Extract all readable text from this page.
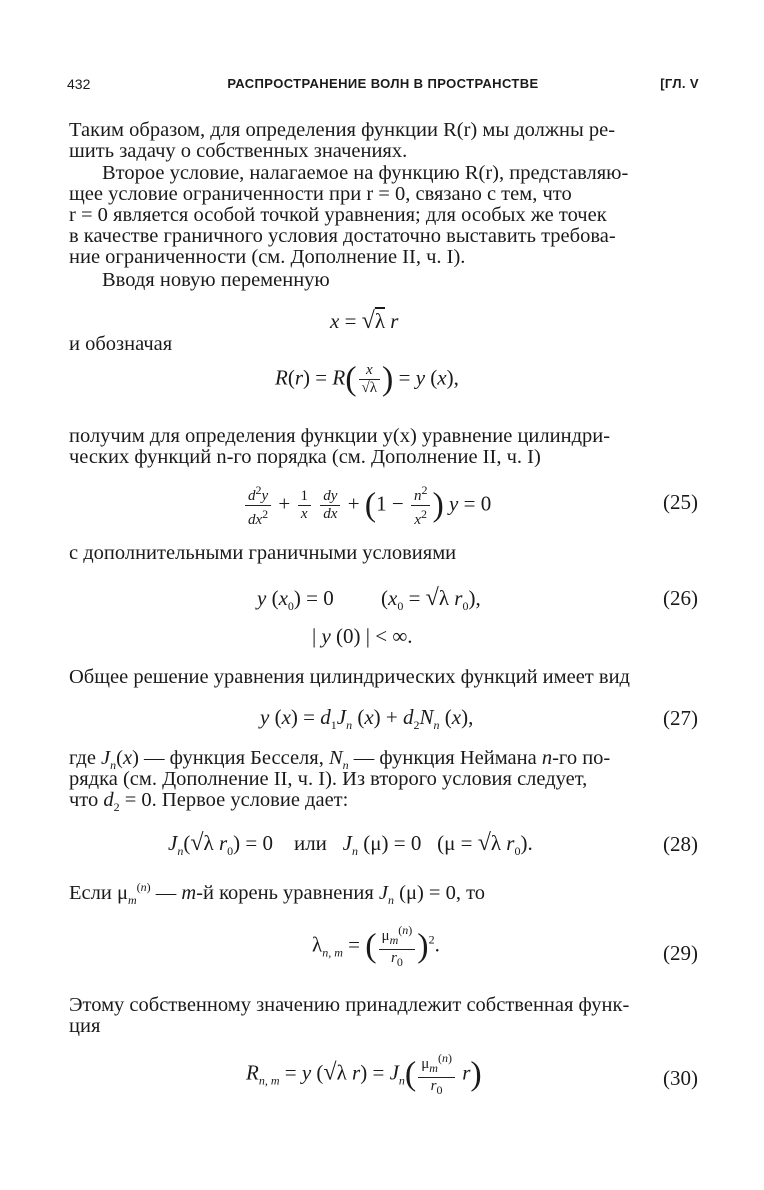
432	РАСПРОСТРАНЕНИЕ ВОЛН В ПРОСТРАНСТВЕ	[ГЛ. V
Таким образом, для определения функции R(r) мы должны ре-
шить задачу о собственных значениях.
Второе условие, налагаемое на функцию R(r), представляю-
щее условие ограниченности при r = 0, связано с тем, что
r = 0 является особой точкой уравнения; для особых же точек
в качестве граничного условия достаточно выставить требова-
ние ограниченности (см. Дополнение II, ч. I).
Вводя новую переменную
x = √λ r
и обозначая
$R(r) = R( \frac{x}{√\lambda}$ ) = y (x),
получим для определения функции y(x) уравнение цилиндри-
ческих функций n-го порядка (см. Дополнение II, ч. I)
$\frac{d^2y}{dx^2} + \frac{1}{x}$
$\frac{dy}{dx} + (1 - \frac{n^2}{x^2}$ ) y = 0	(25)
с дополнительными граничными условиями
y $(x_0) = 0$         ($x_0 = √\lambda$ $r_0$),	(26)
| y (0) | < ∞.
Общее решение уравнения цилиндрических функций имеет вид
y $(x) = d_1J_n$ $(x) + d_2N_n$ (x),	(27)
где $J_n(x)$ — функция Бесселя, $N_n$ — функция Неймана n-го по-
рядка (см. Дополнение II, ч. I). Из второго условия следует,
что $d_2 = 0$. Первое условие дает:
$J_n(√\lambda$ $r_0) = 0$    или   $J_n$ (μ) = 0   (μ = √λ $r_0$).	(28)
Если $\mu_m^{(n)}$ — m-й корень уравнения $J_n$ (μ) = 0, то
$\lambda_{n, m}$ = ( $\frac{\mu_m^{(n)}}{r_0} )^2$.	(29)
Этому собственному значению принадлежит собственная функ-
ция
$R_{n, m} = y$ (√λ $r) = J_n( \frac{\mu_m^{(n)}}{r_0} r)$	(30)
